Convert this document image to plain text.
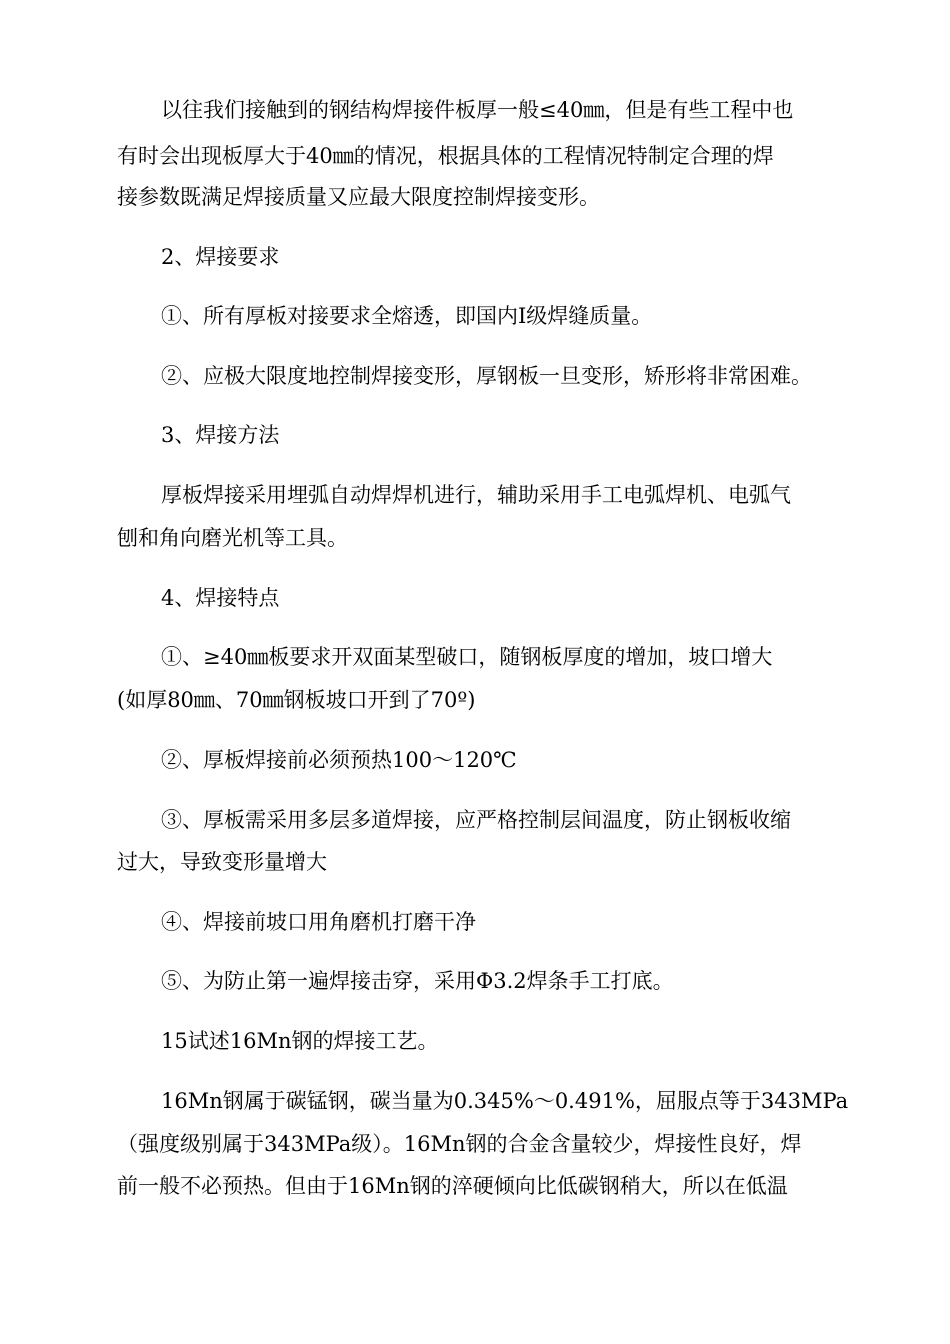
以往我们接触到的钢结构焊接件板厚一般≤40㎜，但是有些工程中也
有时会出现板厚大于40㎜的情况，根据具体的工程情况特制定合理的焊
接参数既满足焊接质量又应最大限度控制焊接变形。
2、焊接要求
①、所有厚板对接要求全熔透，即国内Ⅰ级焊缝质量。
②、应极大限度地控制焊接变形，厚钢板一旦变形，矫形将非常困难。
3、焊接方法
厚板焊接采用埋弧自动焊焊机进行，辅助采用手工电弧焊机、电弧气
刨和角向磨光机等工具。
4、焊接特点
①、≥40㎜板要求开双面某型破口，随钢板厚度的增加，坡口增大
(如厚80㎜、70㎜钢板坡口开到了70º)
②、厚板焊接前必须预热100～120℃
③、厚板需采用多层多道焊接，应严格控制层间温度，防止钢板收缩
过大，导致变形量增大
④、焊接前坡口用角磨机打磨干净
⑤、为防止第一遍焊接击穿，采用Φ3.2焊条手工打底。
15试述16Mn钢的焊接工艺。
16Mn钢属于碳锰钢，碳当量为0.345%～0.491%，屈服点等于343MPa
（强度级别属于343MPa级）。16Mn钢的合金含量较少，焊接性良好，焊
前一般不必预热。但由于16Mn钢的淬硬倾向比低碳钢稍大，所以在低温
